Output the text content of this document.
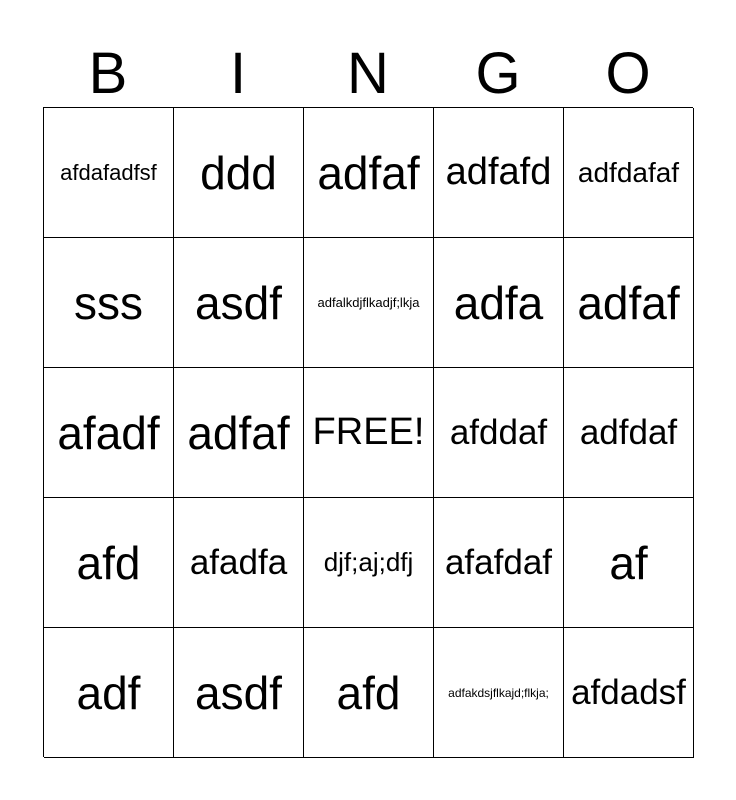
B	I	N	G	O
afdafadfsf ddd adfaf adfafd adfdafaf
sss	asdf	adfalkdjflkadjf;lkja adfa adfaf
afadf adfaf FREE! afddaf adfdaf
afd	afadfa	djf;aj;dfj afafdaf	af
adf	asdf	afd	adfakdsjflkajd;flkja; afdadsf
